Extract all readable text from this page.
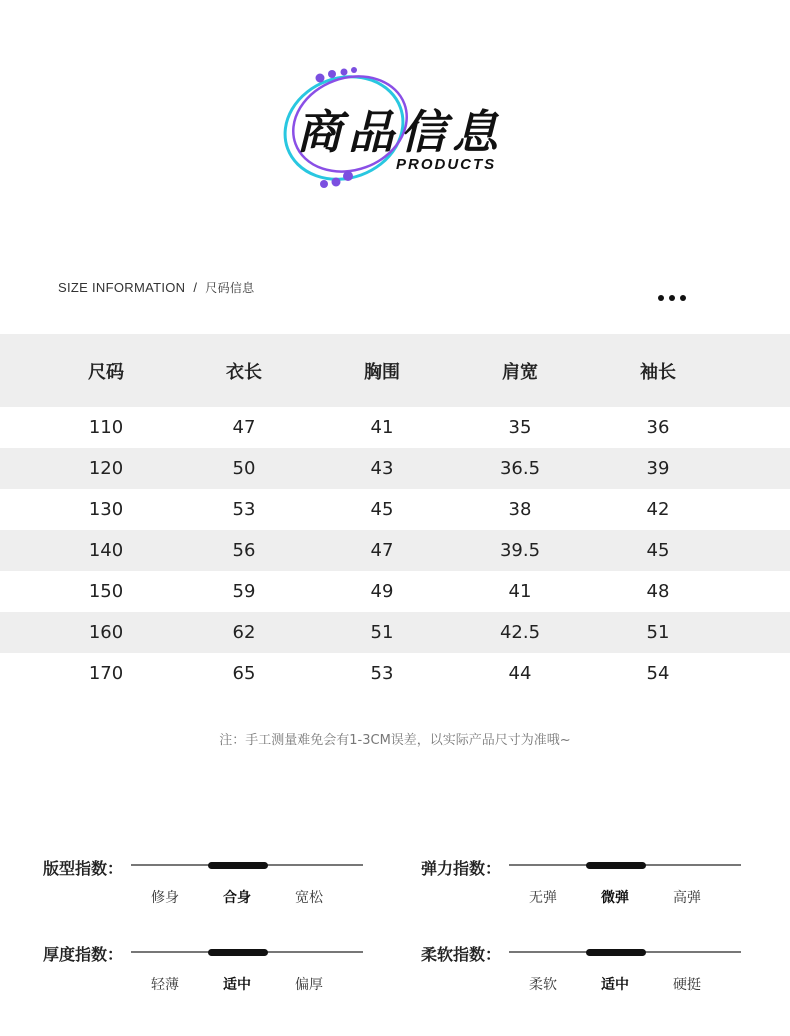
商品信息
PRODUCTS
SIZE INFORMATION / 尺码信息
尺码	衣长	胸围	肩宽	袖长
110	47	41	35	36
120	50	43	36.5	39
130	53	45	38	42
140	56	47	39.5	45
150	59	49	41	48
160	62	51	42.5	51
170	65	53	44	54
注：手工测量难免会有1-3CM误差，以实际产品尺寸为准哦~
版型指数：
修身	合身	宽松
弹力指数：
无弹	微弹	高弹
厚度指数：
轻薄	适中	偏厚
柔软指数：
柔软	适中	硬挺
